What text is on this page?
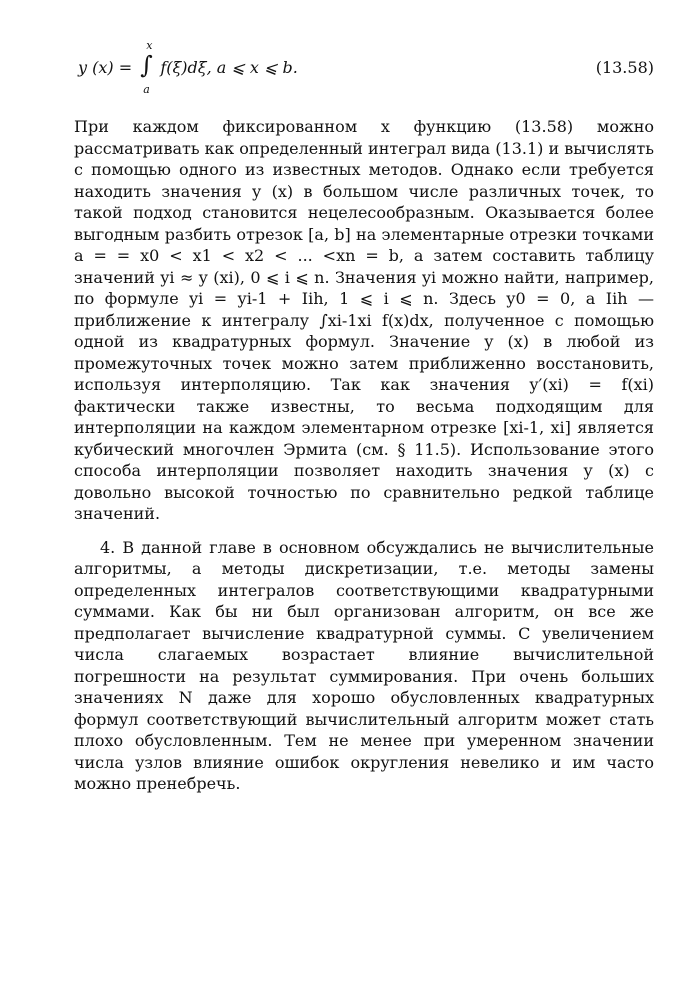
y (x) =
x
∫
a
f(ξ)dξ, a ⩽ x ⩽ b.	(13.58)

При каждом фиксированном x функцию (13.58) можно рассматривать как определенный интеграл вида (13.1) и вычислять с помощью одного из известных методов. Однако если требуется находить значения y (x) в большом числе различных точек, то такой подход становится нецелесообразным. Оказывается более выгодным разбить отрезок [a, b] на элементарные отрезки точками a = = x0 < x1 < x2 < ... <xn = b, а затем составить таблицу значений yi ≈ y (xi), 0 ⩽ i ⩽ n. Значения yi можно найти, например, по формуле yi = yi-1 + Iih, 1 ⩽ i ⩽ n. Здесь y0 = 0, а Iih — приближение к интегралу ∫xi-1xi f(x)dx, полученное с помощью одной из квадратурных формул. Значение y (x) в любой из промежуточных точек можно затем приближенно восстановить, используя интерполяцию. Так как значения y′(xi) = f(xi) фактически также известны, то весьма подходящим для интерполяции на каждом элементарном отрезке [xi-1, xi] является кубический многочлен Эрмита (см. § 11.5). Использование этого способа интерполяции позволяет находить значения y (x) с довольно высокой точностью по сравнительно редкой таблице значений.

4. В данной главе в основном обсуждались не вычислительные алгоритмы, а методы дискретизации, т.е. методы замены определенных интегралов соответствующими квадратурными суммами. Как бы ни был организован алгоритм, он все же предполагает вычисление квадратурной суммы. С увеличением числа слагаемых возрастает влияние вычислительной погрешности на результат суммирования. При очень больших значениях N даже для хорошо обусловленных квадратурных формул соответствующий вычислительный алгоритм может стать плохо обусловленным. Тем не менее при умеренном значении числа узлов влияние ошибок округления невелико и им часто можно пренебречь.
